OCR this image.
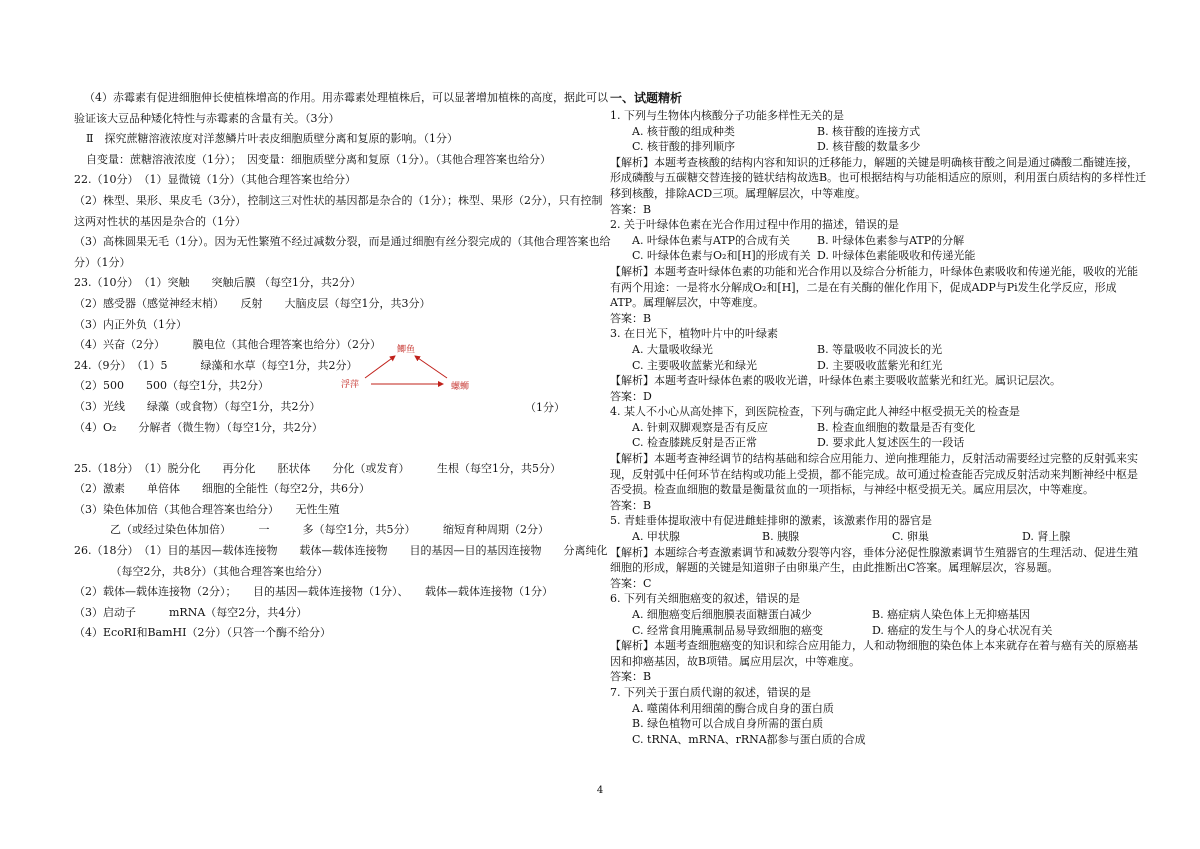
（4）赤霉素有促进细胞伸长使植株增高的作用。用赤霉素处理植株后，可以显著增加植株的高度，据此可以
验证该大豆品种矮化特性与赤霉素的含量有关。（3分）
Ⅱ　探究蔗糖溶液浓度对洋葱鳞片叶表皮细胞质壁分离和复原的影响。（1分）
自变量：蔗糖溶液浓度（1分）；　因变量：细胞质壁分离和复原（1分）。（其他合理答案也给分）
22.（10分）　（1）显微镜（1分）（其他合理答案也给分）
（2）株型、果形、果皮毛（3分），控制这三对性状的基因都是杂合的（1分）；株型、果形（2分），只有控制
这两对性状的基因是杂合的（1分）
（3）高株圆果无毛（1分）。因为无性繁殖不经过减数分裂，而是通过细胞有丝分裂完成的（其他合理答案也给
分）（1分）
23.（10分）　（1）突触　　突触后膜 （每空1分，共2分）
（2）感受器（感觉神经末梢）　　反射　　大脑皮层（每空1分，共3分）
（3）内正外负（1分）
（4）兴奋（2分）　　　膜电位（其他合理答案也给分）（2分）
24.（9分）　（1）5　　　绿藻和水草（每空1分，共2分）
（2）500　　500（每空1分，共2分）
（3）光线　　绿藻（或食物）（每空1分，共2分）
（4）O₂　　分解者（微生物）（每空1分，共2分）

25.（18分）　（1）脱分化　　再分化　　胚状体　　分化（或发育）　　　生根（每空1分，共5分）
（2）激素　　单倍体　　细胞的全能性（每空2分，共6分）
（3）染色体加倍（其他合理答案也给分）　　无性生殖
　　乙（或经过染色体加倍）　　　一　　　多（每空1分，共5分）　　　缩短育种周期（2分）
26.（18分）　（1）目的基因—载体连接物　　载体—载体连接物　　目的基因—目的基因连接物　　分离纯化
　　（每空2分，共8分）（其他合理答案也给分）
（2）载体—载体连接物（2分）；　　目的基因—载体连接物（1分）、　　载体—载体连接物（1分）
（3）启动子　　　mRNA（每空2分，共4分）
（4）EcoRI和BamHI（2分）（只答一个酶不给分）
鲫鱼
浮萍	螺蛳
（1分）
一、试题精析
1. 下列与生物体内核酸分子功能多样性无关的是
A. 核苷酸的组成种类	B. 核苷酸的连接方式
C. 核苷酸的排列顺序	D. 核苷酸的数量多少
【解析】本题考查核酸的结构内容和知识的迁移能力，解题的关键是明确核苷酸之间是通过磷酸二酯键连接，
形成磷酸与五碳糖交替连接的链状结构故选B。也可根据结构与功能相适应的原则，利用蛋白质结构的多样性迁
移到核酸，排除ACD三项。属理解层次，中等难度。
答案：B
2. 关于叶绿体色素在光合作用过程中作用的描述，错误的是
A. 叶绿体色素与ATP的合成有关 B. 叶绿体色素参与ATP的分解
C. 叶绿体色素与O₂和[H]的形成有关 D. 叶绿体色素能吸收和传递光能
【解析】本题考查叶绿体色素的功能和光合作用以及综合分析能力，叶绿体色素吸收和传递光能，吸收的光能
有两个用途：一是将水分解成O₂和[H]，二是在有关酶的催化作用下，促成ADP与Pi发生化学反应，形成
ATP。属理解层次，中等难度。
答案：B
3. 在日光下，植物叶片中的叶绿素
A. 大量吸收绿光	B. 等量吸收不同波长的光
C. 主要吸收蓝紫光和绿光	D. 主要吸收蓝紫光和红光
【解析】本题考查叶绿体色素的吸收光谱，叶绿体色素主要吸收蓝紫光和红光。属识记层次。
答案：D
4. 某人不小心从高处摔下，到医院检查，下列与确定此人神经中枢受损无关的检查是
A. 针刺双脚观察是否有反应	B. 检查血细胞的数量是否有变化
C. 检查膝跳反射是否正常	D. 要求此人复述医生的一段话
【解析】本题考查神经调节的结构基础和综合应用能力、逆向推理能力，反射活动需要经过完整的反射弧来实
现，反射弧中任何环节在结构或功能上受损，都不能完成。故可通过检查能否完成反射活动来判断神经中枢是
否受损。检查血细胞的数量是衡量贫血的一项指标，与神经中枢受损无关。属应用层次，中等难度。
答案：B
5. 青蛙垂体提取液中有促进雌蛙排卵的激素，该激素作用的器官是
A. 甲状腺	B. 胰腺	C. 卵巢	D. 肾上腺
【解析】本题综合考查激素调节和减数分裂等内容，垂体分泌促性腺激素调节生殖器官的生理活动、促进生殖
细胞的形成，解题的关键是知道卵子由卵巢产生，由此推断出C答案。属理解层次，容易题。
答案：C
6. 下列有关细胞癌变的叙述，错误的是
A. 细胞癌变后细胞膜表面糖蛋白减少	B. 癌症病人染色体上无抑癌基因
C. 经常食用腌熏制品易导致细胞的癌变	D. 癌症的发生与个人的身心状况有关
【解析】本题考查细胞癌变的知识和综合应用能力，人和动物细胞的染色体上本来就存在着与癌有关的原癌基
因和抑癌基因，故B项错。属应用层次，中等难度。
答案：B
7. 下列关于蛋白质代谢的叙述，错误的是
A. 噬菌体利用细菌的酶合成自身的蛋白质
B. 绿色植物可以合成自身所需的蛋白质
C. tRNA、mRNA、rRNA都参与蛋白质的合成
4
